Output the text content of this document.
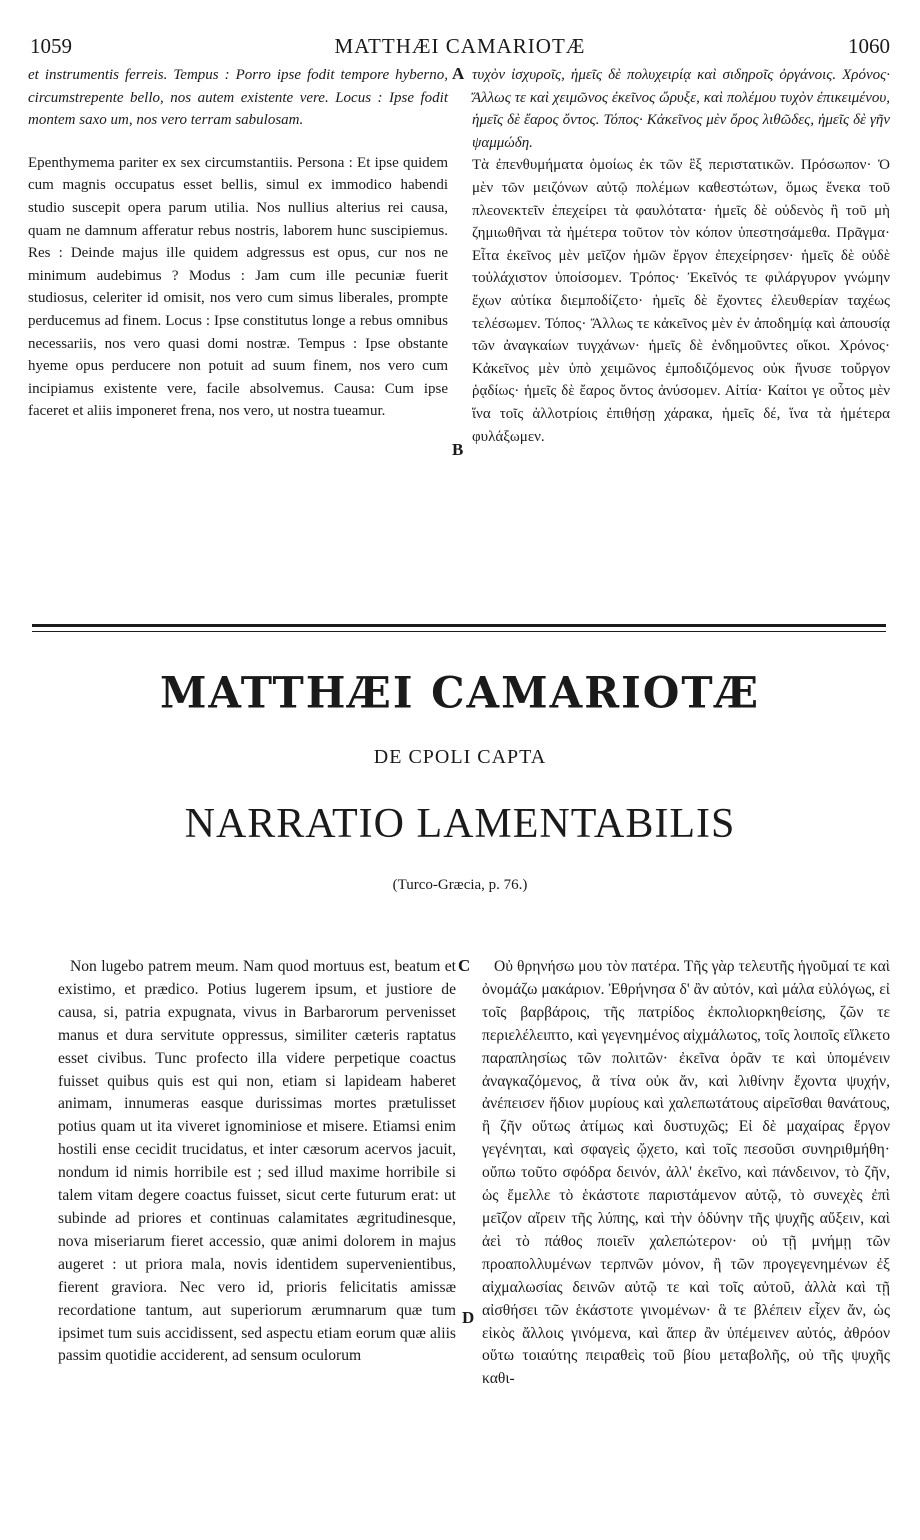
1059	MATTHÆI CAMARIOTÆ	1060

et instrumentis ferreis. Tempus : Porro ipse fodit tempore hyberno, circumstrepente bello, nos autem existente vere. Locus : Ipse fodit montem saxo um, nos vero terram sabulosam.

Epenthymema pariter ex sex circumstantiis. Persona : Et ipse quidem cum magnis occupatus esset bellis, simul ex immodico habendi studio suscepit opera parum utilia. Nos nullius alterius rei causa, quam ne damnum afferatur rebus nostris, laborem hunc suscipiemus. Res : Deinde majus ille quidem adgressus est opus, cur nos ne minimum audebimus ? Modus : Jam cum ille pecuniæ fuerit studiosus, celeriter id omisit, nos vero cum simus liberales, prompte perducemus ad finem. Locus : Ipse constitutus longe a rebus omnibus necessariis, nos vero quasi domi nostræ. Tempus : Ipse obstante hyeme opus perducere non potuit ad suum finem, nos vero cum incipiamus existente vere, facile absolvemus. Causa: Cum ipse faceret et aliis imponeret frena, nos vero, ut nostra tueamur.

A
B

τυχὸν ἰσχυροῖς, ἡμεῖς δὲ πολυχειρίᾳ καὶ σιδηροῖς ὀργάνοις. Χρόνος· Ἄλλως τε καὶ χειμῶνος ἐκεῖνος ὤρυξε, καὶ πολέμου τυχὸν ἐπικειμένου, ἡμεῖς δὲ ἔαρος ὄντος. Τόπος· Κἀκεῖνος μὲν ὄρος λιθῶδες, ἡμεῖς δὲ γῆν ψαμμώδη.

Τὰ ἐπενθυμήματα ὁμοίως ἐκ τῶν ἓξ περιστατικῶν. Πρόσωπον· Ὁ μὲν τῶν μειζόνων αὐτῷ πολέμων καθεστώτων, ὅμως ἕνεκα τοῦ πλεονεκτεῖν ἐπεχείρει τὰ φαυλότατα· ἡμεῖς δὲ οὐδενὸς ἢ τοῦ μὴ ζημιωθῆναι τὰ ἡμέτερα τοῦτον τὸν κόπον ὑπεστησάμεθα. Πρᾶγμα· Εἶτα ἐκεῖνος μὲν μεῖζον ἡμῶν ἔργον ἐπεχείρησεν· ἡμεῖς δὲ οὐδὲ τοὐλάχιστον ὑποίσομεν. Τρόπος· Ἐκεῖνός τε φιλάργυρον γνώμην ἔχων αὐτίκα διεμποδίζετο· ἡμεῖς δὲ ἔχοντες ἐλευθερίαν ταχέως τελέσωμεν. Τόπος· Ἄλλως τε κἀκεῖνος μὲν ἐν ἀποδημίᾳ καὶ ἀπουσίᾳ τῶν ἀναγκαίων τυγχάνων· ἡμεῖς δὲ ἐνδημοῦντες οἴκοι. Χρόνος· Κἀκεῖνος μὲν ὑπὸ χειμῶνος ἐμποδιζόμενος οὐκ ἤνυσε τοὔργον ῥᾳδίως· ἡμεῖς δὲ ἔαρος ὄντος ἀνύσομεν. Αἰτία· Καίτοι γε οὗτος μὲν ἵνα τοῖς ἀλλοτρίοις ἐπιθήσῃ χάρακα, ἡμεῖς δέ, ἵνα τὰ ἡμέτερα φυλάξωμεν.

MATTHÆI CAMARIOTÆ
DE CPOLI CAPTA
NARRATIO LAMENTABILIS
(Turco-Græcia, p. 76.)

Non lugebo patrem meum. Nam quod mortuus est, beatum et existimo, et prædico. Potius lugerem ipsum, et justiore de causa, si, patria expugnata, vivus in Barbarorum pervenisset manus et dura servitute oppressus, similiter cæteris raptatus esset civibus. Tunc profecto illa videre perpetique coactus fuisset quibus quis est qui non, etiam si lapideam haberet animam, innumeras easque durissimas mortes prætulisset potius quam ut ita viveret ignominiose et misere. Etiamsi enim hostili ense cecidit trucidatus, et inter cæsorum acervos jacuit, nondum id nimis horribile est ; sed illud maxime horribile si talem vitam degere coactus fuisset, sicut certe futurum erat: ut subinde ad priores et continuas calamitates ægritudinesque, nova miseriarum fieret accessio, quæ animi dolorem in majus augeret : ut priora mala, novis identidem supervenientibus, fierent graviora. Nec vero id, prioris felicitatis amissæ recordatione tantum, aut superiorum ærumnarum quæ tum ipsimet tum suis accidissent, sed aspectu etiam eorum quæ aliis passim quotidie acciderent, ad sensum oculorum

C
D

Οὐ θρηνήσω μου τὸν πατέρα. Τῆς γὰρ τελευτῆς ἡγοῦμαί τε καὶ ὀνομάζω μακάριον. Ἐθρήνησα δ' ἂν αὐτόν, καὶ μάλα εὐλόγως, εἰ τοῖς βαρβάροις, τῆς πατρίδος ἐκπολιορκηθείσης, ζῶν τε περιελέλειπτο, καὶ γεγενημένος αἰχμάλωτος, τοῖς λοιποῖς εἵλκετο παραπλησίως τῶν πολιτῶν· ἐκεῖνα ὁρᾶν τε καὶ ὑπομένειν ἀναγκαζόμενος, ἃ τίνα οὐκ ἄν, καὶ λιθίνην ἔχοντα ψυχήν, ἀνέπεισεν ἥδιον μυρίους καὶ χαλεπωτάτους αἱρεῖσθαι θανάτους, ἢ ζῆν οὕτως ἀτίμως καὶ δυστυχῶς; Εἰ δὲ μαχαίρας ἔργον γεγένηται, καὶ σφαγεὶς ᾤχετο, καὶ τοῖς πεσοῦσι συνηριθμήθη· οὔπω τοῦτο σφόδρα δεινόν, ἀλλ' ἐκεῖνο, καὶ πάνδεινον, τὸ ζῆν, ὡς ἔμελλε τὸ ἑκάστοτε παριστάμενον αὐτῷ, τὸ συνεχὲς ἐπὶ μεῖζον αἴρειν τῆς λύπης, καὶ τὴν ὀδύνην τῆς ψυχῆς αὔξειν, καὶ ἀεὶ τὸ πάθος ποιεῖν χαλεπώτερον· οὐ τῇ μνήμῃ τῶν προαπολλυμένων τερπνῶν μόνον, ἢ τῶν προγεγενημένων ἐξ αἰχμαλωσίας δεινῶν αὐτῷ τε καὶ τοῖς αὐτοῦ, ἀλλὰ καὶ τῇ αἰσθήσει τῶν ἑκάστοτε γινομένων· ἃ τε βλέπειν εἶχεν ἄν, ὡς εἰκὸς ἄλλοις γινόμενα, καὶ ἅπερ ἂν ὑπέμεινεν αὐτός, ἀθρόον οὕτω τοιαύτης πειραθεὶς τοῦ βίου μεταβολῆς, οὐ τῆς ψυχῆς καθι-
